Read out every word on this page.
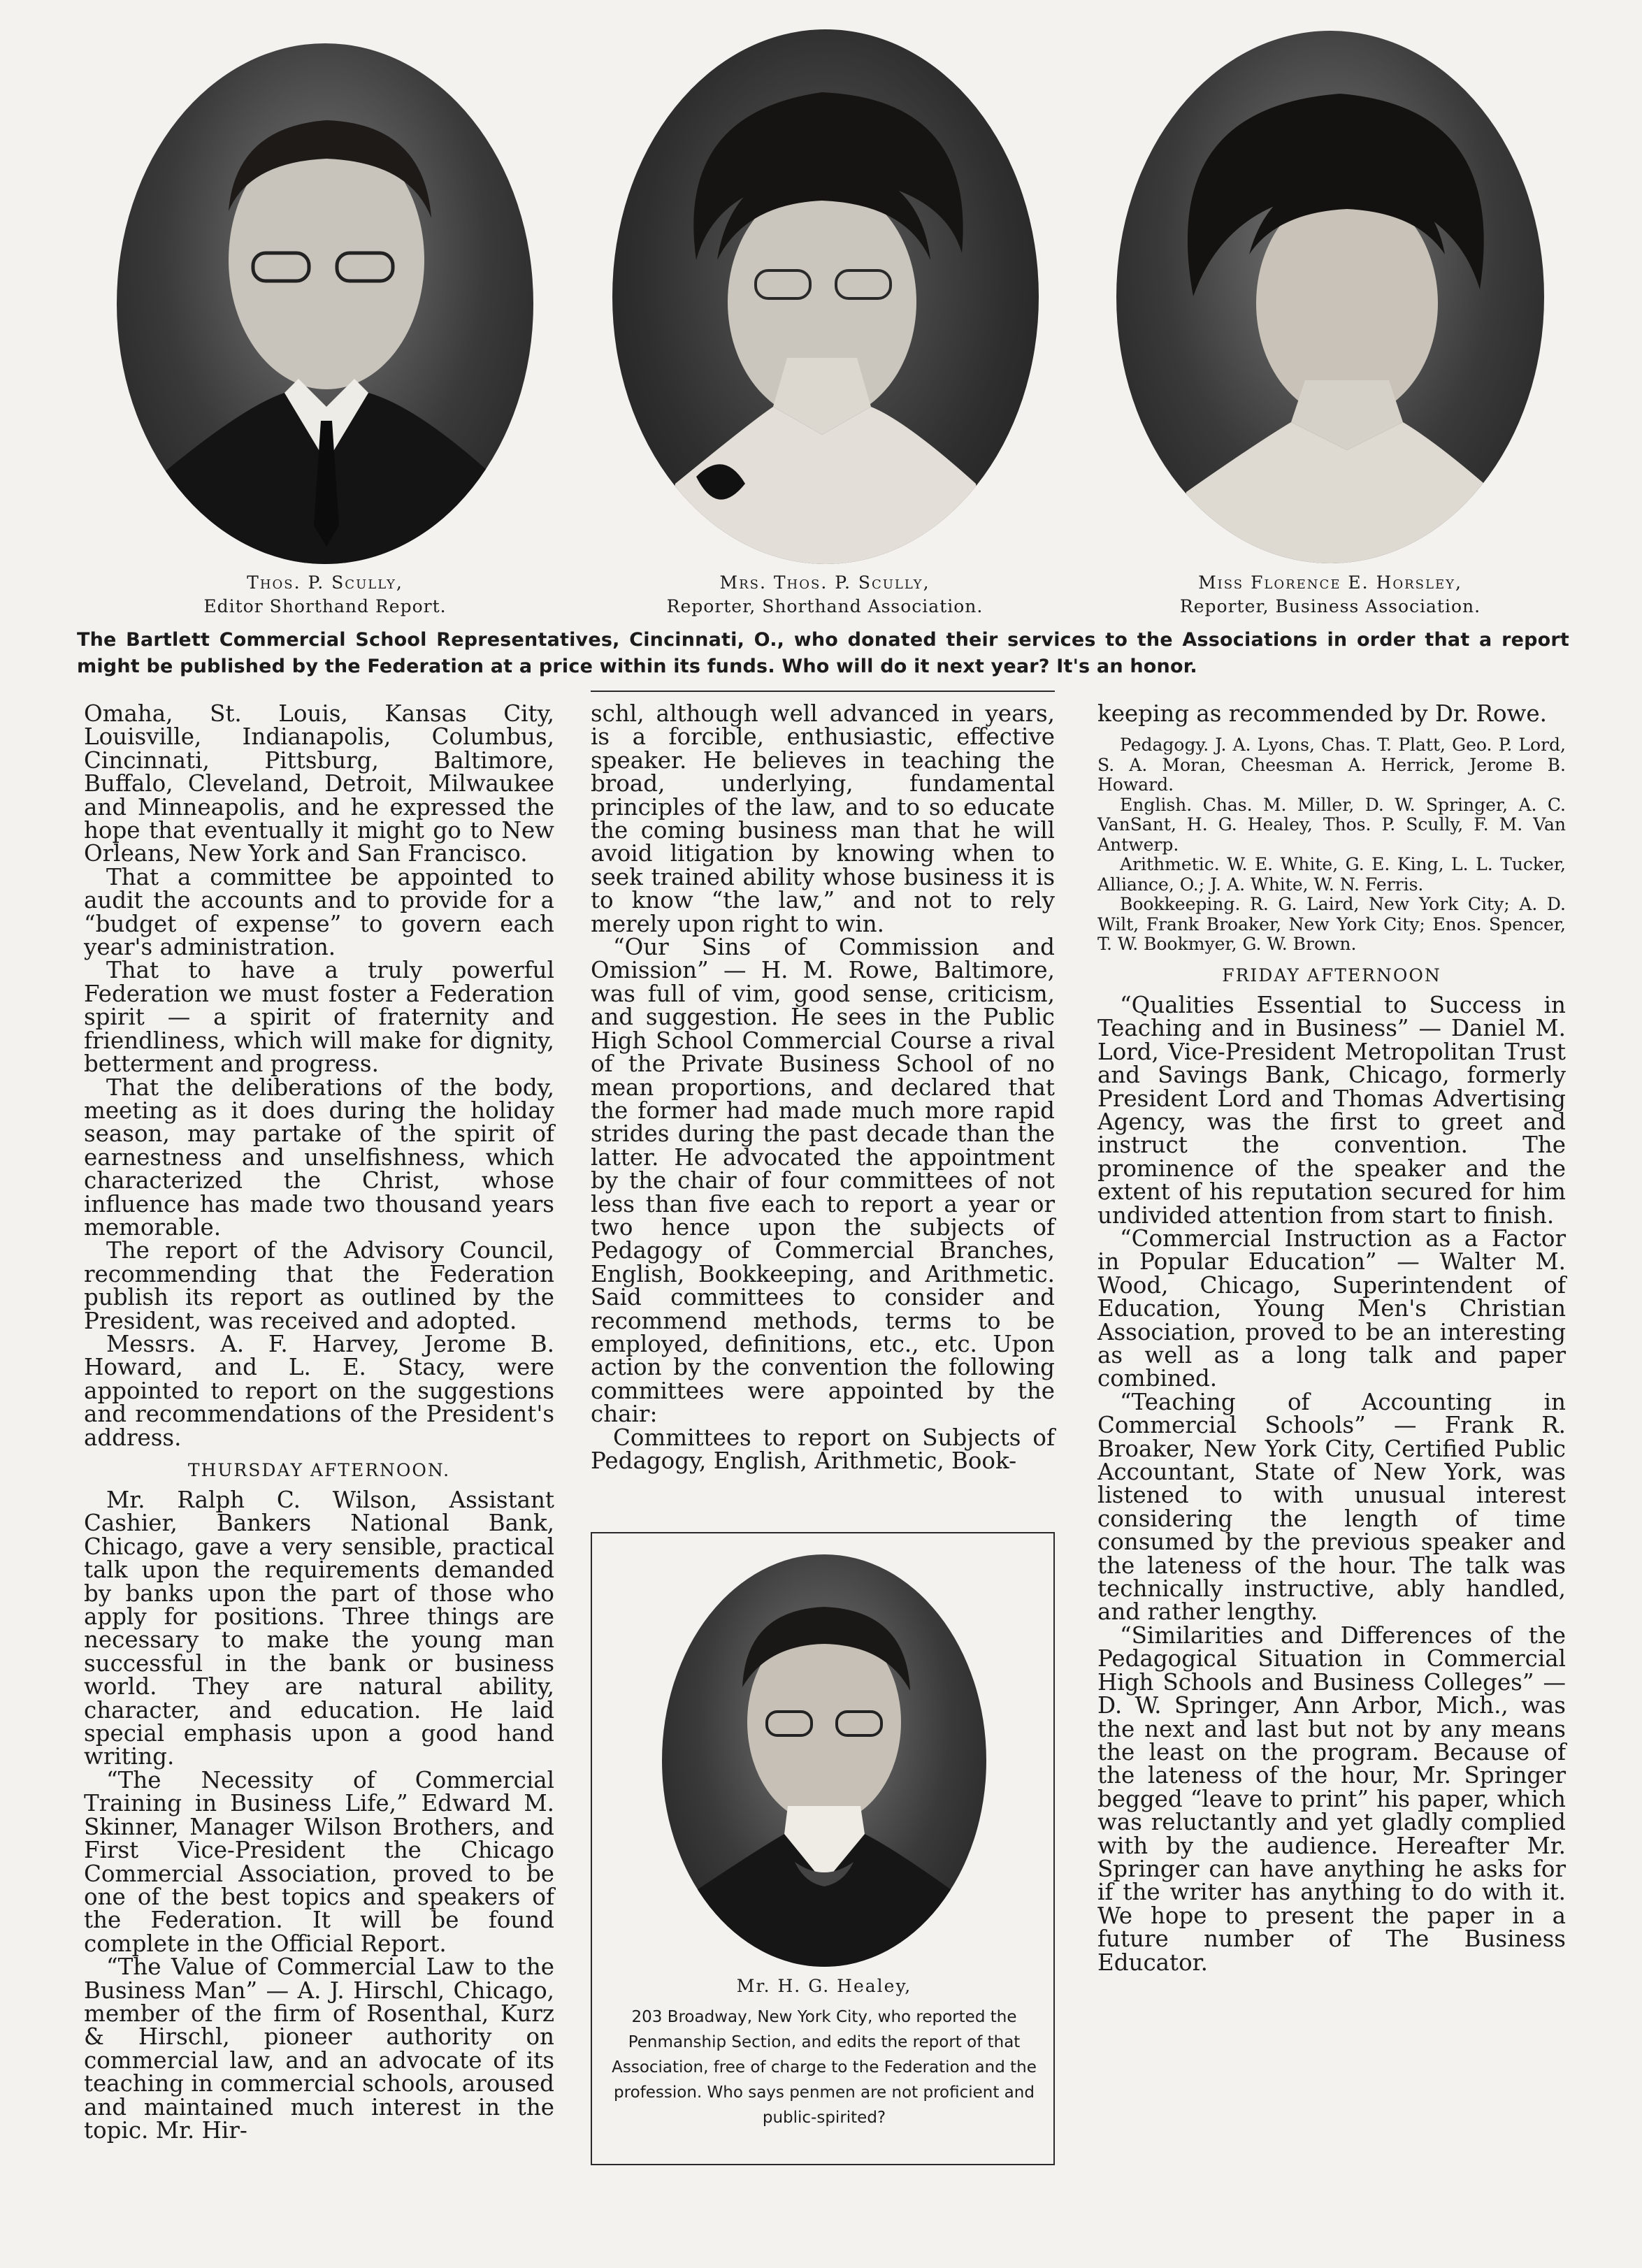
Thos. P. Scully,
Editor Shorthand Report.
Mrs. Thos. P. Scully,
Reporter, Shorthand Association.
Miss Florence E. Horsley,
Reporter, Business Association.
The Bartlett Commercial School Representatives, Cincinnati, O., who donated their services to the Associations in order that a report might be published by the Federation at a price within its funds. Who will do it next year? It's an honor.

Omaha, St. Louis, Kansas City, Louisville, Indianapolis, Columbus, Cincinnati, Pittsburg, Baltimore, Buffalo, Cleveland, Detroit, Milwaukee and Minneapolis, and he expressed the hope that eventually it might go to New Orleans, New York and San Francisco.

That a committee be appointed to audit the accounts and to provide for a “budget of expense” to govern each year's administration.

That to have a truly powerful Federation we must foster a Federation spirit — a spirit of fraternity and friendliness, which will make for dignity, betterment and progress.

That the deliberations of the body, meeting as it does during the holiday season, may partake of the spirit of earnestness and unselfishness, which characterized the Christ, whose influence has made two thousand years memorable.

The report of the Advisory Council, recommending that the Federation publish its report as outlined by the President, was received and adopted.

Messrs. A. F. Harvey, Jerome B. Howard, and L. E. Stacy, were appointed to report on the suggestions and recommendations of the President's address.

THURSDAY AFTERNOON.

Mr. Ralph C. Wilson, Assistant Cashier, Bankers National Bank, Chicago, gave a very sensible, practical talk upon the requirements demanded by banks upon the part of those who apply for positions. Three things are necessary to make the young man successful in the bank or business world. They are natural ability, character, and education. He laid special emphasis upon a good hand writing.

“The Necessity of Commercial Training in Business Life,” Edward M. Skinner, Manager Wilson Brothers, and First Vice-President the Chicago Commercial Association, proved to be one of the best topics and speakers of the Federation. It will be found complete in the Official Report.

“The Value of Commercial Law to the Business Man” — A. J. Hirschl, Chicago, member of the firm of Rosenthal, Kurz & Hirschl, pioneer authority on commercial law, and an advocate of its teaching in commercial schools, aroused and maintained much interest in the topic. Mr. Hir-

schl, although well advanced in years, is a forcible, enthusiastic, effective speaker. He believes in teaching the broad, underlying, fundamental principles of the law, and to so educate the coming business man that he will avoid litigation by knowing when to seek trained ability whose business it is to know “the law,” and not to rely merely upon right to win.

“Our Sins of Commission and Omission” — H. M. Rowe, Baltimore, was full of vim, good sense, criticism, and suggestion. He sees in the Public High School Commercial Course a rival of the Private Business School of no mean proportions, and declared that the former had made much more rapid strides during the past decade than the latter. He advocated the appointment by the chair of four committees of not less than five each to report a year or two hence upon the subjects of Pedagogy of Commercial Branches, English, Bookkeeping, and Arithmetic. Said committees to consider and recommend methods, terms to be employed, definitions, etc., etc. Upon action by the convention the following committees were appointed by the chair:

Committees to report on Subjects of Pedagogy, English, Arithmetic, Book-

Mr. H. G. Healey,
203 Broadway, New York City, who reported the Penmanship Section, and edits the report of that Association, free of charge to the Federation and the profession. Who says penmen are not proficient and public-spirited?

keeping as recommended by Dr. Rowe.

Pedagogy. J. A. Lyons, Chas. T. Platt, Geo. P. Lord, S. A. Moran, Cheesman A. Herrick, Jerome B. Howard.

English. Chas. M. Miller, D. W. Springer, A. C. VanSant, H. G. Healey, Thos. P. Scully, F. M. Van Antwerp.

Arithmetic. W. E. White, G. E. King, L. L. Tucker, Alliance, O.; J. A. White, W. N. Ferris.

Bookkeeping. R. G. Laird, New York City; A. D. Wilt, Frank Broaker, New York City; Enos. Spencer, T. W. Bookmyer, G. W. Brown.

FRIDAY AFTERNOON

“Qualities Essential to Success in Teaching and in Business” — Daniel M. Lord, Vice-President Metropolitan Trust and Savings Bank, Chicago, formerly President Lord and Thomas Advertising Agency, was the first to greet and instruct the convention. The prominence of the speaker and the extent of his reputation secured for him undivided attention from start to finish.

“Commercial Instruction as a Factor in Popular Education” — Walter M. Wood, Chicago, Superintendent of Education, Young Men's Christian Association, proved to be an interesting as well as a long talk and paper combined.

“Teaching of Accounting in Commercial Schools” — Frank R. Broaker, New York City, Certified Public Accountant, State of New York, was listened to with unusual interest considering the length of time consumed by the previous speaker and the lateness of the hour. The talk was technically instructive, ably handled, and rather lengthy.

“Similarities and Differences of the Pedagogical Situation in Commercial High Schools and Business Colleges” — D. W. Springer, Ann Arbor, Mich., was the next and last but not by any means the least on the program. Because of the lateness of the hour, Mr. Springer begged “leave to print” his paper, which was reluctantly and yet gladly complied with by the audience. Hereafter Mr. Springer can have anything he asks for if the writer has anything to do with it. We hope to present the paper in a future number of The Business Educator.
